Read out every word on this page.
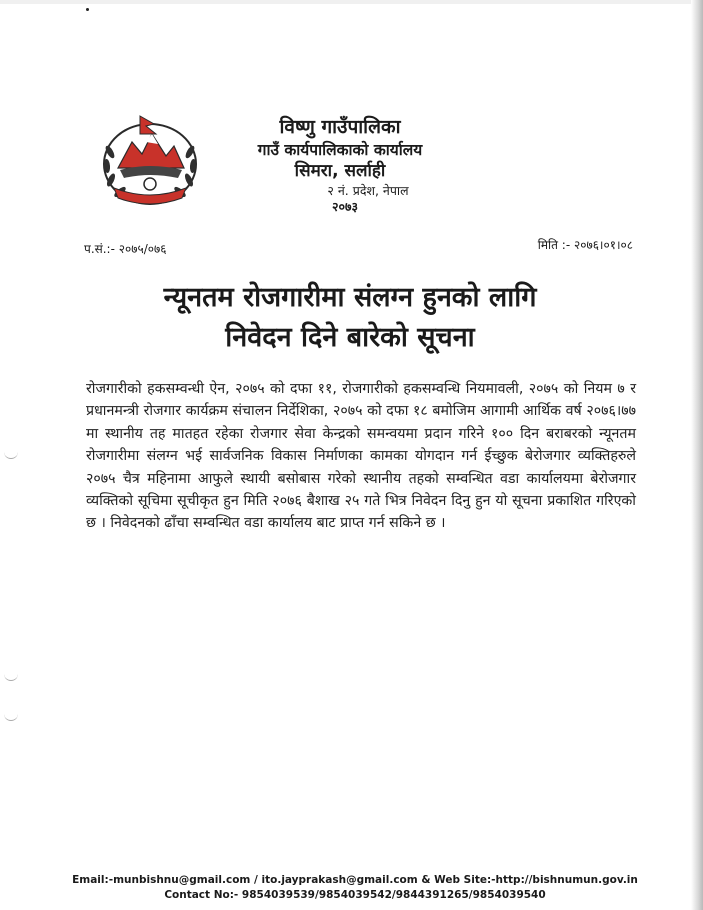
विष्णु गाउँपालिका
गाउँ कार्यपालिकाको कार्यालय
सिमरा, सर्लाही
२ नं. प्रदेश, नेपाल
२०७३
प.सं.:- २०७५/०७६	मिति :- २०७६।०१।०८
न्यूनतम रोजगारीमा संलग्न हुनको लागि
निवेदन दिने बारेको सूचना
रोजगारीको हकसम्वन्धी ऐन, २०७५ को दफा ११, रोजगारीको हकसम्वन्धि नियमावली, २०७५ को नियम ७ र प्रधानमन्त्री रोजगार कार्यक्रम संचालन निर्देशिका, २०७५ को दफा १८ बमोजिम आगामी आर्थिक वर्ष २०७६।७७ मा स्थानीय तह मातहत रहेका रोजगार सेवा केन्द्रको समन्वयमा प्रदान गरिने १०० दिन बराबरको न्यूनतम रोजगारीमा संलग्न भई सार्वजनिक विकास निर्माणका कामका योगदान गर्न ईच्छुक बेरोजगार व्यक्तिहरुले २०७५ चैत्र महिनामा आफुले स्थायी बसोबास गरेको स्थानीय तहको सम्वन्धित वडा कार्यालयमा बेरोजगार व्यक्तिको सूचिमा सूचीकृत हुन मिति २०७६ बैशाख २५ गते भित्र निवेदन दिनु हुन यो सूचना प्रकाशित गरिएको छ । निवेदनको ढाँचा सम्वन्धित वडा कार्यालय बाट प्राप्त गर्न सकिने छ ।
Email:-munbishnu@gmail.com / ito.jayprakash@gmail.com & Web Site:-http://bishnumun.gov.in
Contact No:- 9854039539/9854039542/9844391265/9854039540
